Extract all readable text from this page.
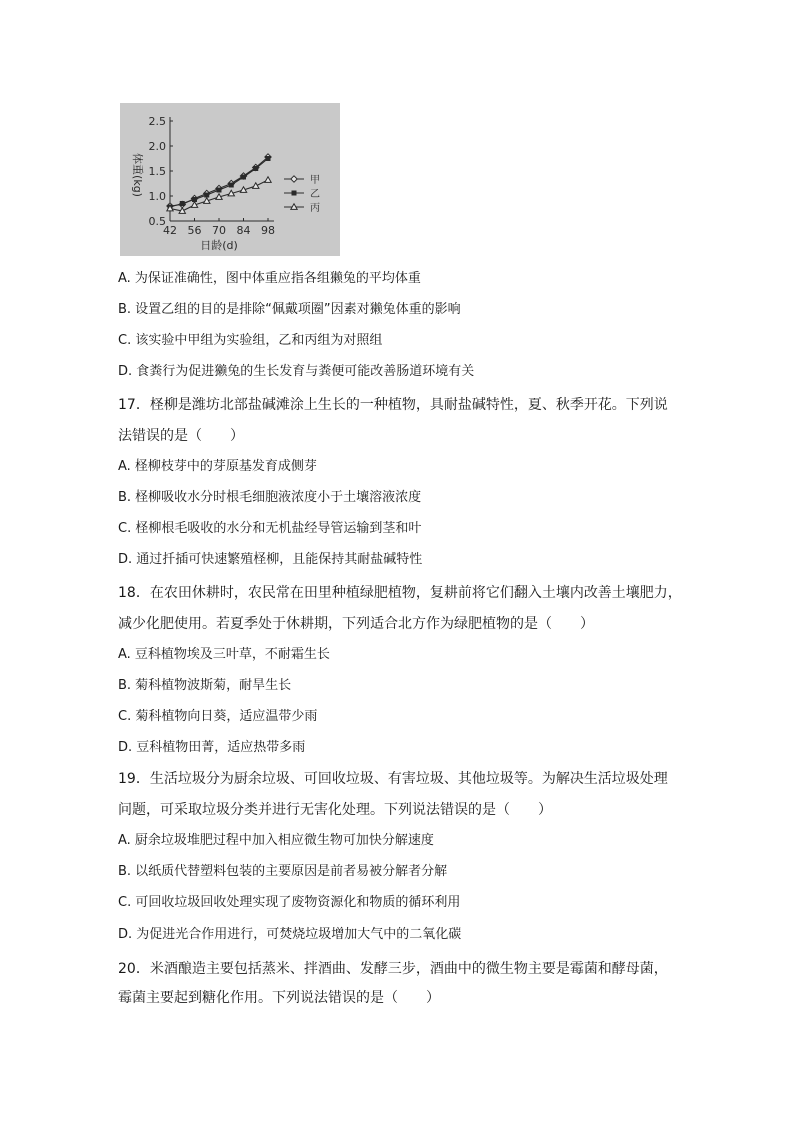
0.5
1.0
1.5
2.0
2.5
42 56 70 84 98
日龄(d)
体重(kg)	甲
乙
丙
A. 为保证准确性，图中体重应指各组獭兔的平均体重
B. 设置乙组的目的是排除“佩戴项圈”因素对獭兔体重的影响
C. 该实验中甲组为实验组，乙和丙组为对照组
D. 食粪行为促进獭兔的生长发育与粪便可能改善肠道环境有关
17．柽柳是潍坊北部盐碱滩涂上生长的一种植物，具耐盐碱特性，夏、秋季开花。下列说
法错误的是（　　）
A. 柽柳枝芽中的芽原基发育成侧芽
B. 柽柳吸收水分时根毛细胞液浓度小于土壤溶液浓度
C. 柽柳根毛吸收的水分和无机盐经导管运输到茎和叶
D. 通过扦插可快速繁殖柽柳，且能保持其耐盐碱特性
18．在农田休耕时，农民常在田里种植绿肥植物，复耕前将它们翻入土壤内改善土壤肥力，
减少化肥使用。若夏季处于休耕期，下列适合北方作为绿肥植物的是（　　）
A. 豆科植物埃及三叶草，不耐霜生长
B. 菊科植物波斯菊，耐旱生长
C. 菊科植物向日葵，适应温带少雨
D. 豆科植物田菁，适应热带多雨
19．生活垃圾分为厨余垃圾、可回收垃圾、有害垃圾、其他垃圾等。为解决生活垃圾处理
问题，可采取垃圾分类并进行无害化处理。下列说法错误的是（　　）
A. 厨余垃圾堆肥过程中加入相应微生物可加快分解速度
B. 以纸质代替塑料包装的主要原因是前者易被分解者分解
C. 可回收垃圾回收处理实现了废物资源化和物质的循环利用
D. 为促进光合作用进行，可焚烧垃圾增加大气中的二氧化碳
20．米酒酿造主要包括蒸米、拌酒曲、发酵三步，酒曲中的微生物主要是霉菌和酵母菌，
霉菌主要起到糖化作用。下列说法错误的是（　　）
